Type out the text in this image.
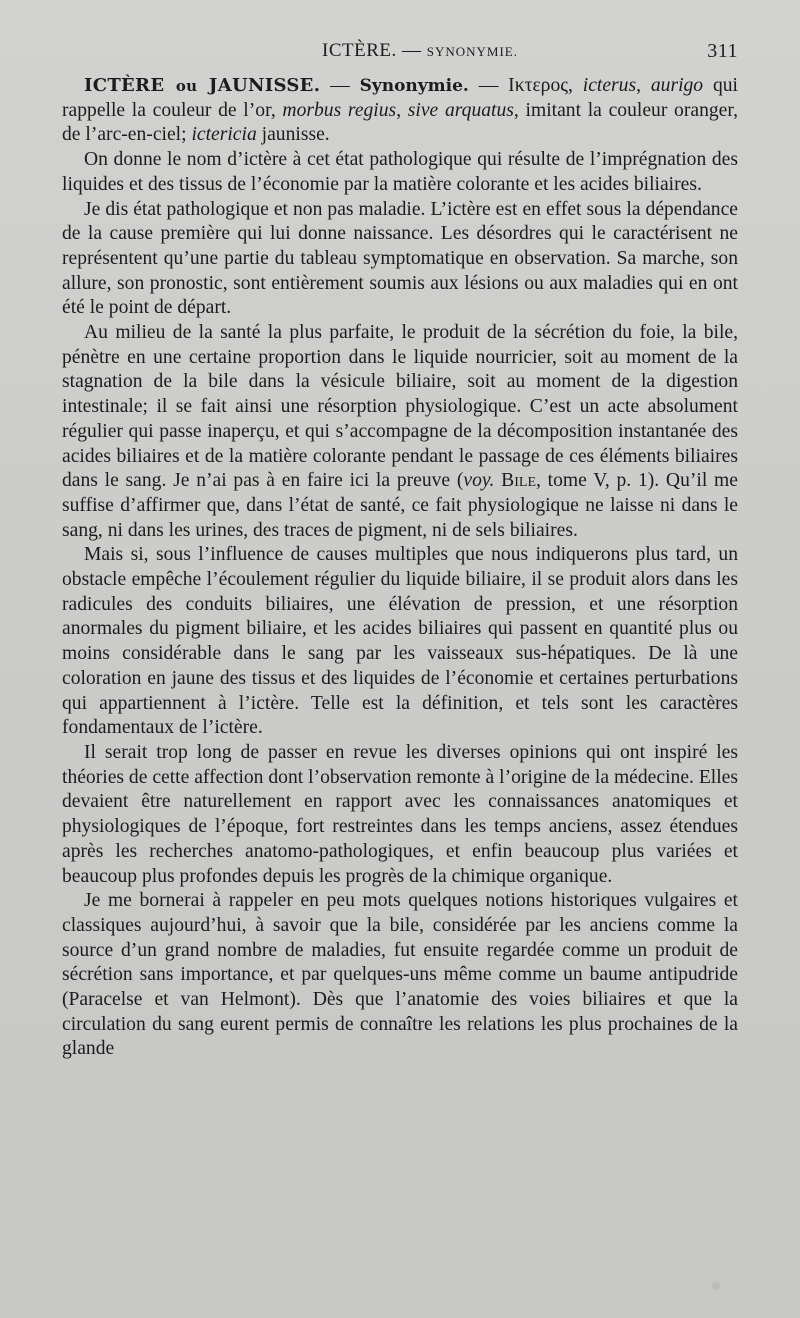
ICTÈRE. — SYNONYMIE.	311

ICTÈRE ou JAUNISSE. — Synonymie. — Ικτερος, icterus, aurigo qui rappelle la couleur de l’or, morbus regius, sive arquatus, imitant la couleur oranger, de l’arc-en-ciel; ictericia jaunisse.

On donne le nom d’ictère à cet état pathologique qui résulte de l’imprégnation des liquides et des tissus de l’économie par la matière colorante et les acides biliaires.

Je dis état pathologique et non pas maladie. L’ictère est en effet sous la dépendance de la cause première qui lui donne naissance. Les désordres qui le caractérisent ne représentent qu’une partie du tableau symptomatique en observation. Sa marche, son allure, son pronostic, sont entièrement soumis aux lésions ou aux maladies qui en ont été le point de départ.

Au milieu de la santé la plus parfaite, le produit de la sécrétion du foie, la bile, pénètre en une certaine proportion dans le liquide nourricier, soit au moment de la stagnation de la bile dans la vésicule biliaire, soit au moment de la digestion intestinale; il se fait ainsi une résorption physiologique. C’est un acte absolument régulier qui passe inaperçu, et qui s’accompagne de la décomposition instantanée des acides biliaires et de la matière colorante pendant le passage de ces éléments biliaires dans le sang. Je n’ai pas à en faire ici la preuve (voy. Bile, tome V, p. 1). Qu’il me suffise d’affirmer que, dans l’état de santé, ce fait physiologique ne laisse ni dans le sang, ni dans les urines, des traces de pigment, ni de sels biliaires.

Mais si, sous l’influence de causes multiples que nous indiquerons plus tard, un obstacle empêche l’écoulement régulier du liquide biliaire, il se produit alors dans les radicules des conduits biliaires, une élévation de pression, et une résorption anormales du pigment biliaire, et les acides biliaires qui passent en quantité plus ou moins considérable dans le sang par les vaisseaux sus-hépatiques. De là une coloration en jaune des tissus et des liquides de l’économie et certaines perturbations qui appartiennent à l’ictère. Telle est la définition, et tels sont les caractères fondamentaux de l’ictère.

Il serait trop long de passer en revue les diverses opinions qui ont inspiré les théories de cette affection dont l’observation remonte à l’origine de la médecine. Elles devaient être naturellement en rapport avec les connaissances anatomiques et physiologiques de l’époque, fort restreintes dans les temps anciens, assez étendues après les recherches anatomo-pathologiques, et enfin beaucoup plus variées et beaucoup plus profondes depuis les progrès de la chimique organique.

Je me bornerai à rappeler en peu mots quelques notions historiques vulgaires et classiques aujourd’hui, à savoir que la bile, considérée par les anciens comme la source d’un grand nombre de maladies, fut ensuite regardée comme un produit de sécrétion sans importance, et par quelques-uns même comme un baume antipudride (Paracelse et van Helmont). Dès que l’anatomie des voies biliaires et que la circulation du sang eurent permis de connaître les relations les plus prochaines de la glande
